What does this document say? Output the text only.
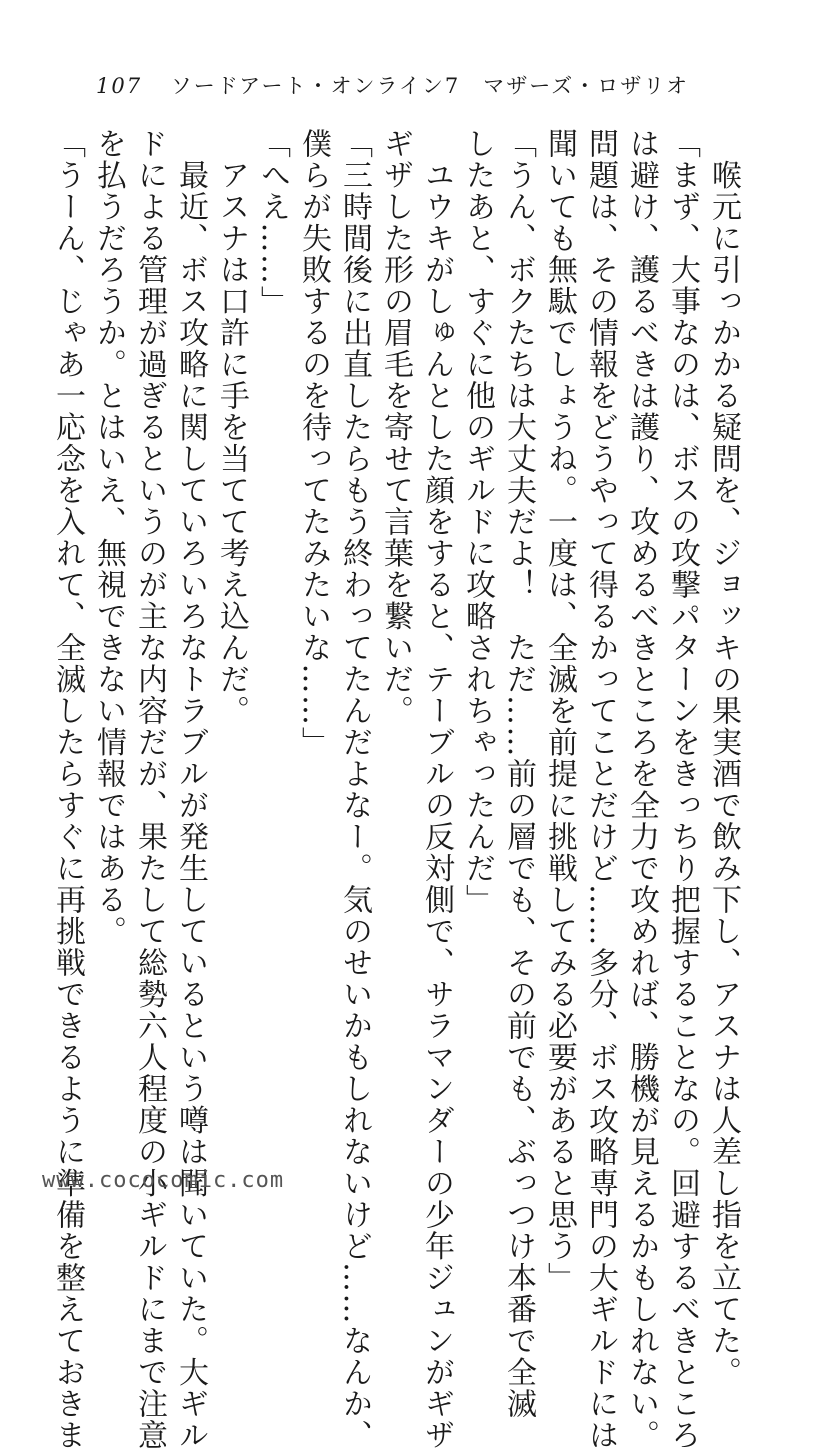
107 ソードアート・オンライン7　マザーズ・ロザリオ

　喉元に引っかかる疑問を、ジョッキの果実酒で飲み下し、アスナは人差し指を立てた。

「まず、大事なのは、ボスの攻撃パターンをきっちり把握することなの。回避するべきところ

は避け、護るべきは護り、攻めるべきところを全力で攻めれば、勝機が見えるかもしれない。

問題は、その情報をどうやって得るかってことだけど……多分、ボス攻略専門の大ギルドには

聞いても無駄でしょうね。一度は、全滅を前提に挑戦してみる必要があると思う」

「うん、ボクたちは大丈夫だよ！　ただ……前の層でも、その前でも、ぶっつけ本番で全滅

したあと、すぐに他のギルドに攻略されちゃったんだ」

　ユウキがしゅんとした顔をすると、テーブルの反対側で、サラマンダーの少年ジュンがギザ

ギザした形の眉毛を寄せて言葉を繋いだ。

「三時間後に出直したらもう終わってたんだよなー。気のせいかもしれないけど……なんか、

僕らが失敗するのを待ってたみたいな……」

「へえ……」

　アスナは口許に手を当てて考え込んだ。

　最近、ボス攻略に関していろいろなトラブルが発生しているという噂は聞いていた。大ギル

ドによる管理が過ぎるというのが主な内容だが、果たして総勢六人程度の小ギルドにまで注意

を払うだろうか。とはいえ、無視できない情報ではある。

「うーん、じゃあ一応念を入れて、全滅したらすぐに再挑戦できるように準備を整えておきま

www.cococomic.com
